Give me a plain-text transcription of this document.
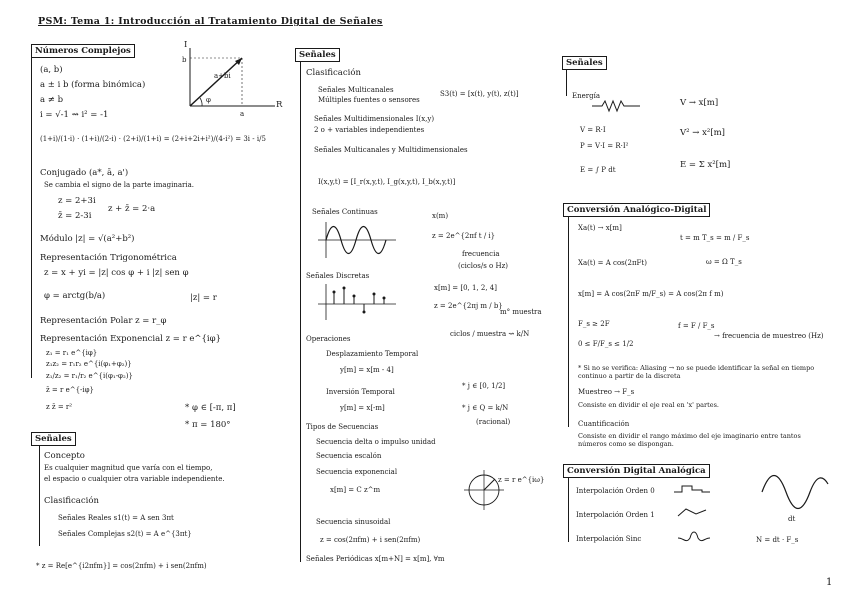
PSM: Tema 1: Introducción al Tratamiento Digital de Señales
Números Complejos
(a, b)
a ± i b (forma binómica)
a ≠ b
i = √-1 ⇝ i² = -1
(1+i)/(1-i) · (1+i)/(2-i) · (2+i)/(1+i) = (2+i+2i+i²)/(4-i²) = 3i - i/5
Conjugado (a*, ā, a')
Se cambia el signo de la parte imaginaria.
z = 2+3i
z̄ = 2-3i
z + z̄ = 2·a
Módulo |z| = √(a²+b²)
Representación Trigonométrica
z = x + yi = |z| cos φ + i |z| sen φ
φ = arctg(b/a)	|z| = r
Representación Polar z = r_φ
Representación Exponencial z = r e^{iφ}
z₁ = r₁ e^{iφ}
z₁z₂ = r₁r₂ e^{i(φ₁+φ₂)}
z₁/z₂ = r₁/r₂ e^{i(φ₁-φ₂)}
z̄ = r e^{-iφ}
z z̄ = r²	* φ ∈ [-π, π]
* π = 180°
I
R
b
a
φ
a+bi
Señales
Concepto
Es cualquier magnitud que varía con el tiempo,
el espacio o cualquier otra variable independiente.
Clasificación
Señales Reales s1(t) = A sen 3πt
Señales Complejas s2(t) = A e^{3πt}
* z = Re[e^{i2πfm}] = cos(2πfm) + i sen(2πfm)
Señales
Clasificación
Señales Multicanales
Múltiples fuentes o sensores
S3(t) = [x(t), y(t), z(t)]
Señales Multidimensionales I(x,y)
2 o + variables independientes
Señales Multicanales y Multidimensionales
I(x,y,t) = [I_r(x,y,t), I_g(x,y,t), I_b(x,y,t)]
Señales Continuas	x(m)
z = 2e^{2πf t / i}
frecuencia
(ciclos/s o Hz)
Señales Discretas
x[m] = [0, 1, 2, 4]
z = 2e^{2πj m / b}
m° muestra
ciclos / muestra ⇝ k/N
Operaciones
Desplazamiento Temporal
y[m] = x[m - 4]
Inversión Temporal
y[m] = x[-m]
* j ∈ [0, 1/2]
* j ∈ Q = k/N
(racional)
Tipos de Secuencias
Secuencia delta o impulso unidad
Secuencia escalón
Secuencia exponencial
x[m] = C z^m
Secuencia sinusoidal
z = cos(2πfm) + i sen(2πfm)
Señales Periódicas x[m+N] = x[m], ∀m
z = r e^{iω}
Señales
Energía
V = R·I
P = V·I = R·I²
E = ∫ P dt
V → x[m]
V² → x²[m]
E = Σ x²[m]
Conversión Analógico-Digital
Xa(t) → x[m]
t = m T_s = m / F_s
Xa(t) = A cos(2πFt)	ω = Ω T_s
x[m] = A cos(2πF m/F_s) = A cos(2π f m)
F_s ≥ 2F	f = F / F_s
→ frecuencia de muestreo (Hz)
0 ≤ F/F_s ≤ 1/2
* Si no se verifica: Aliasing → no se puede identificar la señal en tiempo continuo a partir de la discreta
Muestreo → F_s
Consiste en dividir el eje real en 'x' partes.
Cuantificación
Consiste en dividir el rango máximo del eje imaginario entre tantos números como se dispongan.
Conversión Digital Analógica
Interpolación Orden 0
Interpolación Orden 1
Interpolación Sinc	N = dt · F_s
dt
1
